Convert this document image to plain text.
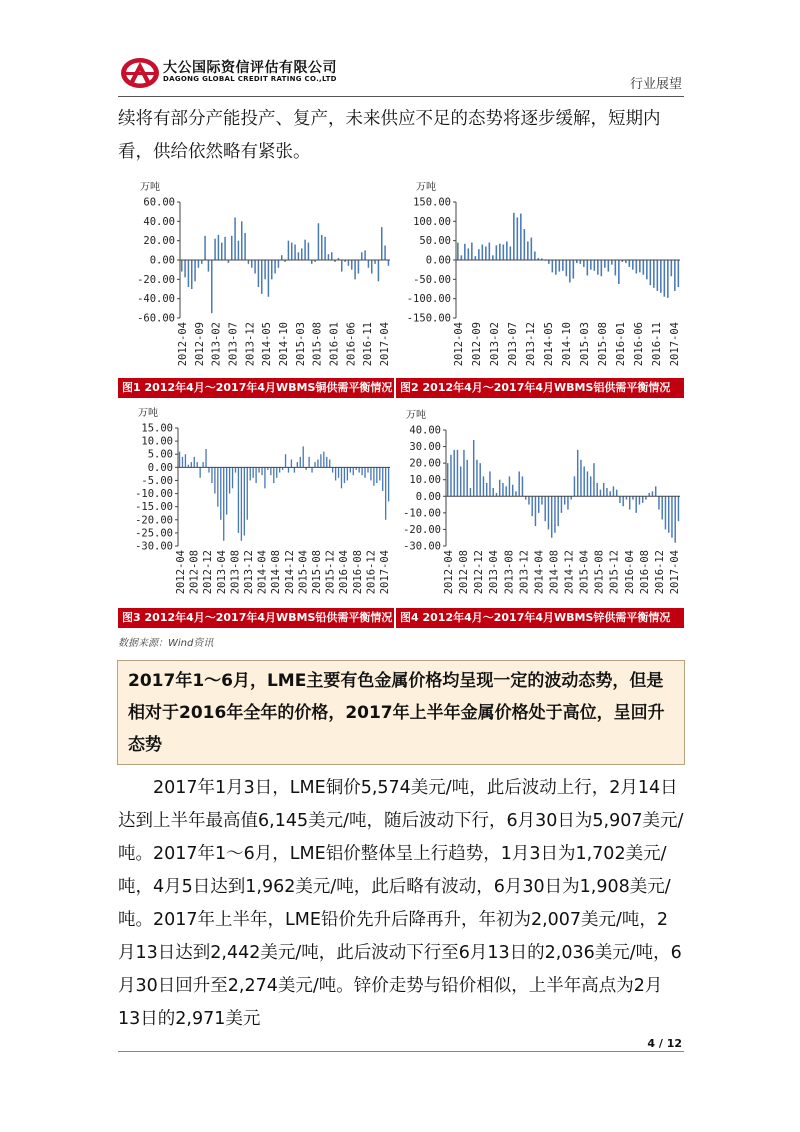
大公国际资信评估有限公司
DAGONG GLOBAL CREDIT RATING CO.,LTD	行业展望
续将有部分产能投产、复产，未来供应不足的态势将逐步缓解，短期内看，供给依然略有紧张。
万吨
60.00
40.00
20.00
0.00
-20.00
-40.00
-60.00
2012-04 2012-09 2013-02 2013-07 2013-12 2014-05 2014-10 2015-03 2015-08 2016-01 2016-06 2016-11 2017-04
图1 2012年4月～2017年4月WBMS铜供需平衡情况
万吨
150.00
100.00
50.00
0.00
-50.00
-100.00
-150.00
2012-04 2012-09 2013-02 2013-07 2013-12 2014-05 2014-10 2015-03 2015-08 2016-01 2016-06 2016-11 2017-04
图2 2012年4月～2017年4月WBMS铝供需平衡情况
万吨
15.00
10.00
5.00
0.00
-5.00
-10.00
-15.00
-20.00
-25.00
-30.00
2012-04 2012-08 2012-12 2013-04 2013-08 2013-12 2014-04 2014-08 2014-12 2015-04 2015-08 2015-12 2016-04 2016-08 2016-12 2017-04
图3 2012年4月～2017年4月WBMS铅供需平衡情况
万吨
40.00
30.00
20.00
10.00
0.00
-10.00
-20.00
-30.00
2012-04 2012-08 2012-12 2013-04 2013-08 2013-12 2014-04 2014-08 2014-12 2015-04 2015-08 2015-12 2016-04 2016-08 2016-12 2017-04
图4 2012年4月～2017年4月WBMS锌供需平衡情况
数据来源：Wind资讯
2017年1～6月，LME主要有色金属价格均呈现一定的波动态势，但是相对于2016年全年的价格，2017年上半年金属价格处于高位，呈回升态势
2017年1月3日，LME铜价5,574美元/吨，此后波动上行，2月14日达到上半年最高值6,145美元/吨，随后波动下行，6月30日为5,907美元/吨。2017年1～6月，LME铝价整体呈上行趋势，1月3日为1,702美元/吨，4月5日达到1,962美元/吨，此后略有波动，6月30日为1,908美元/吨。2017年上半年，LME铅价先升后降再升，年初为2,007美元/吨，2月13日达到2,442美元/吨，此后波动下行至6月13日的2,036美元/吨，6月30日回升至2,274美元/吨。锌价走势与铅价相似，上半年高点为2月13日的2,971美元
4 / 12
